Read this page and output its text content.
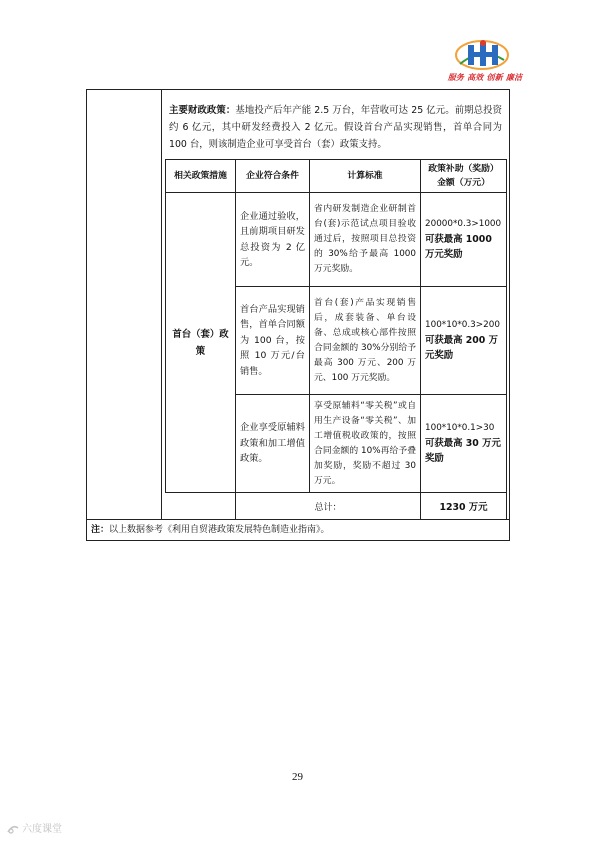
服务 高效 创新 廉洁
注：以上数据参考《利用自贸港政策发展特色制造业指南》。
主要财政政策：基地投产后年产能 2.5 万台，年营收可达 25 亿元。前期总投资约 6 亿元，其中研发经费投入 2 亿元。假设首台产品实现销售，首单合同为 100 台，则该制造企业可享受首台（套）政策支持。
相关政策措施	企业符合条件	计算标准	政策补助（奖励）金额（万元）
首台（套）政策	企业通过验收，且前期项目研发总投资为 2 亿元。	省内研发制造企业研制首台(套)示范试点项目验收通过后，按照项目总投资的 30%给予最高 1000 万元奖励。	20000*0.3>1000
可获最高 1000 万元奖励

	首台产品实现销售，首单合同额为 100 台，按照 10 万元/台销售。	首台(套)产品实现销售后，成套装备、单台设备、总成或核心部件按照合同金额的 30%分别给予最高 300 万元、200 万元、100 万元奖励。	100*10*0.3>200
可获最高 200 万元奖励

	企业享受原辅料政策和加工增值政策。	享受原辅料“零关税”或自用生产设备“零关税”、加工增值税收政策的，按照合同金额的 10%再给予叠加奖励，奖励不超过 30 万元。	100*10*0.1>30
可获最高 30 万元奖励

	总计：		1230 万元
29
六度课堂
